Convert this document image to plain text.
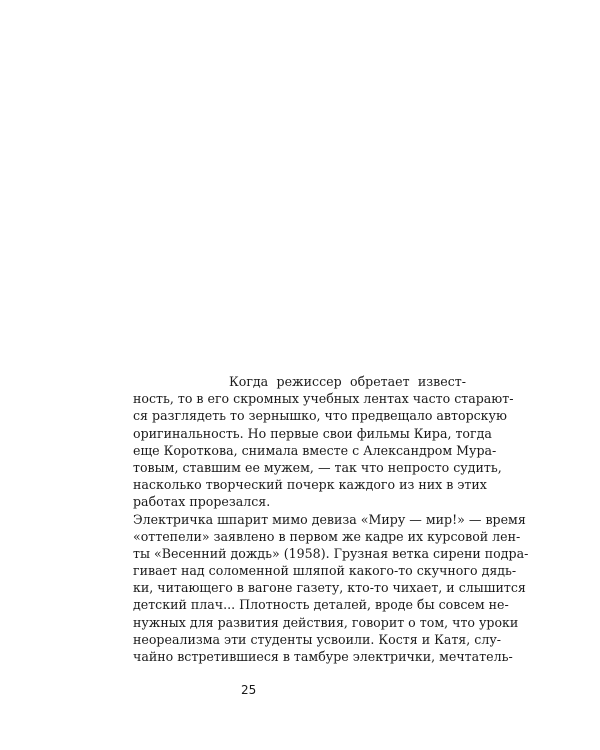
Когда режиссер обретает извест-
ность, то в его скромных учебных лентах часто старают-
ся разглядеть то зернышко, что предвещало авторскую
оригинальность. Но первые свои фильмы Кира, тогда
еще Короткова, снимала вместе с Александром Мура-
товым, ставшим ее мужем, — так что непросто судить,
насколько творческий почерк каждого из них в этих
работах прорезался.
Электричка шпарит мимо девиза «Миру — мир!» — время
«оттепели» заявлено в первом же кадре их курсовой лен-
ты «Весенний дождь» (1958). Грузная ветка сирени подра-
гивает над соломенной шляпой какого-то скучного дядь-
ки, читающего в вагоне газету, кто-то чихает, и слышится
детский плач... Плотность деталей, вроде бы совсем не-
нужных для развития действия, говорит о том, что уроки
неореализма эти студенты усвоили. Костя и Катя, слу-
чайно встретившиеся в тамбуре электрички, мечтатель-
25
